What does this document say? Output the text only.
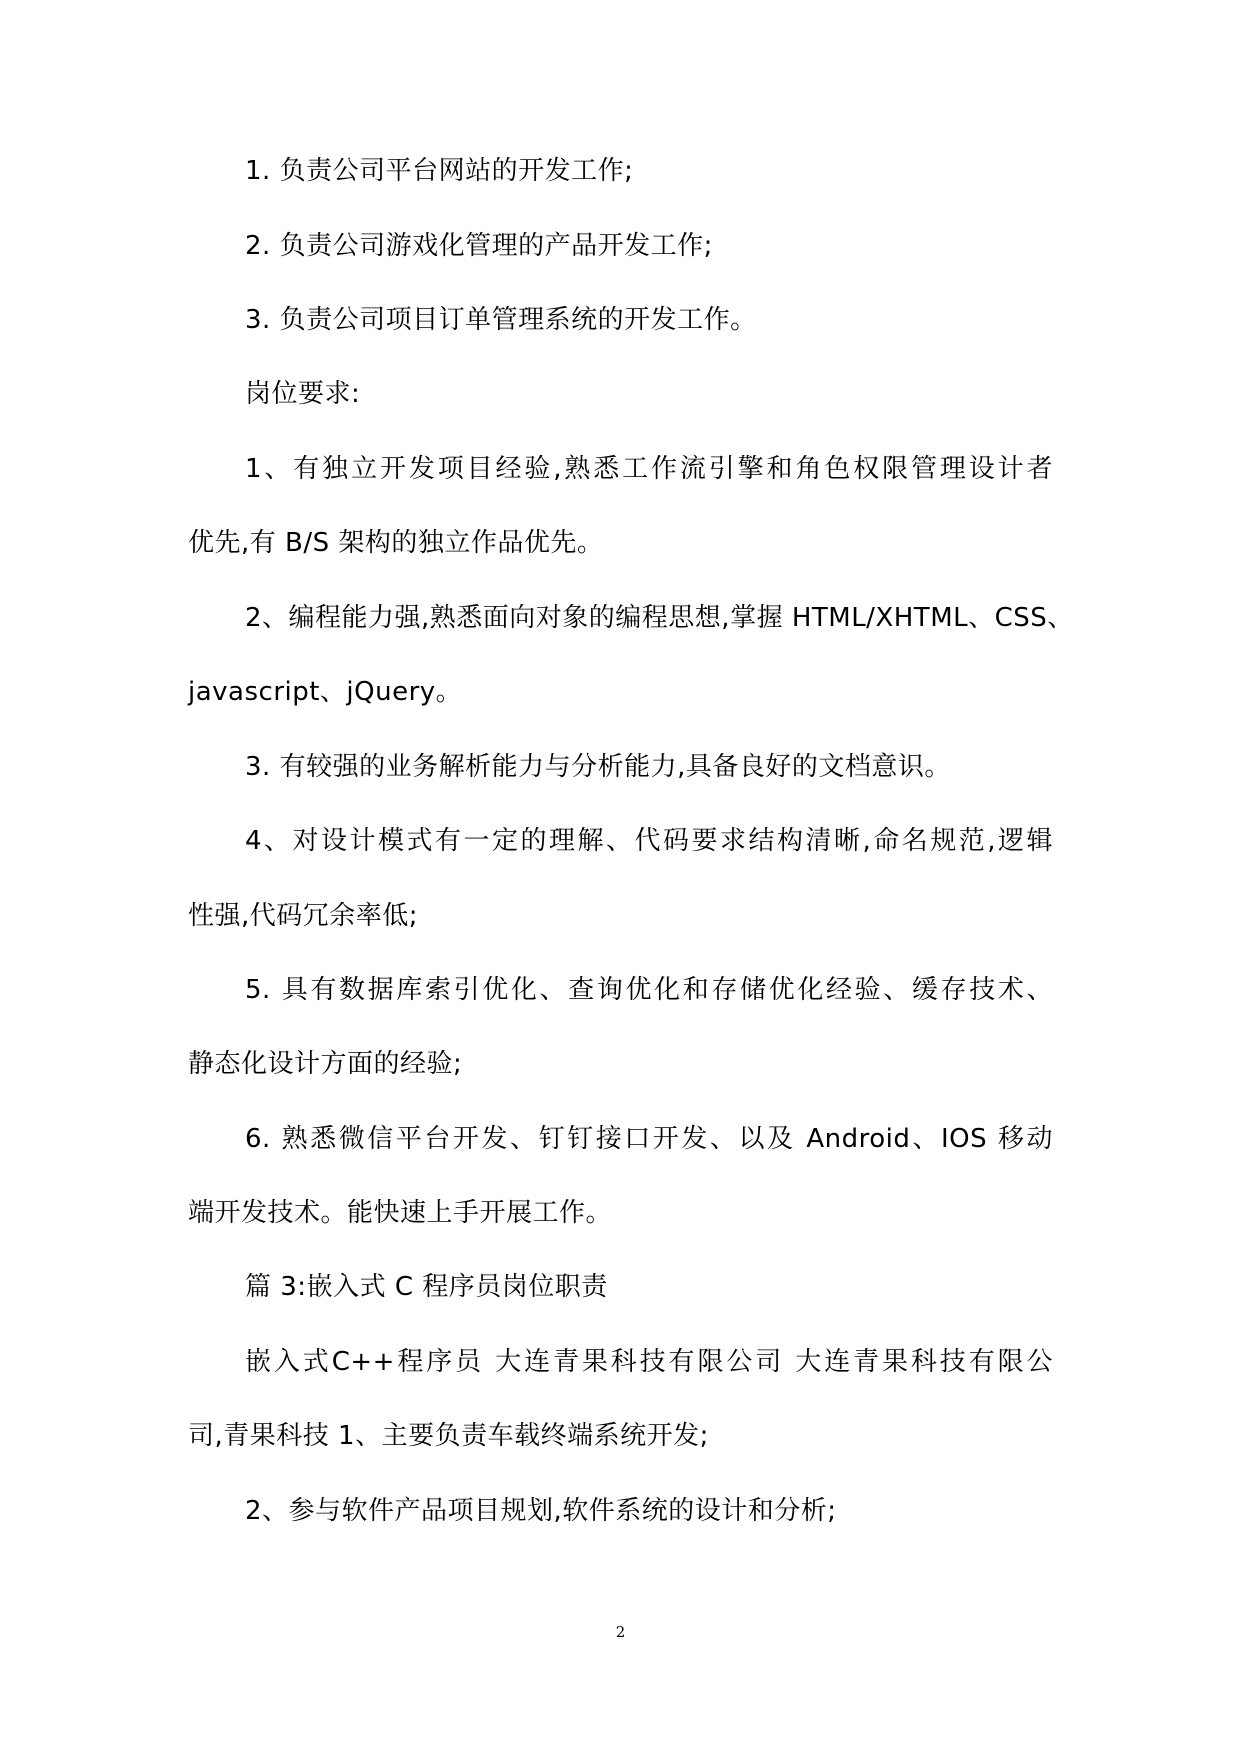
1. 负责公司平台网站的开发工作;
2. 负责公司游戏化管理的产品开发工作;
3. 负责公司项目订单管理系统的开发工作。
岗位要求:
1、有独立开发项目经验,熟悉工作流引擎和角色权限管理设计者
优先,有 B/S 架构的独立作品优先。
2、编程能力强,熟悉面向对象的编程思想,掌握 HTML/XHTML、CSS、
javascript、jQuery。
3. 有较强的业务解析能力与分析能力,具备良好的文档意识。
4、对设计模式有一定的理解、代码要求结构清晰,命名规范,逻辑
性强,代码冗余率低;
5. 具有数据库索引优化、查询优化和存储优化经验、缓存技术、
静态化设计方面的经验;
6. 熟悉微信平台开发、钉钉接口开发、以及 Android、IOS 移动
端开发技术。能快速上手开展工作。
篇 3:嵌入式 C 程序员岗位职责
嵌入式C++程序员 大连青果科技有限公司 大连青果科技有限公
司,青果科技 1、主要负责车载终端系统开发;
2、参与软件产品项目规划,软件系统的设计和分析;
2
